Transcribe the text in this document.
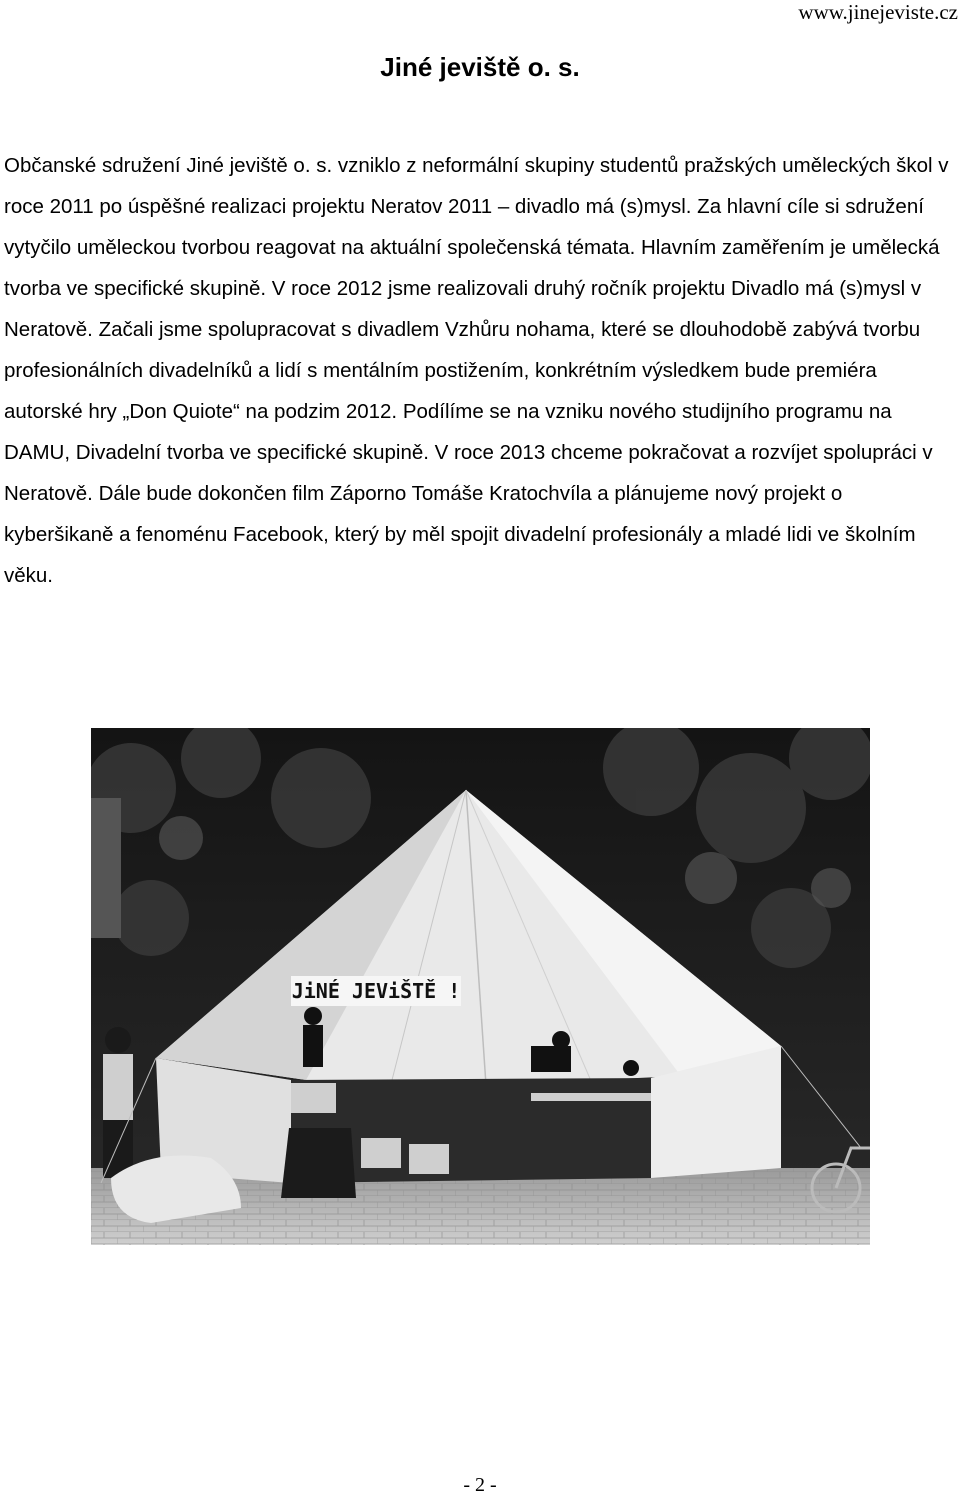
www.jinejeviste.cz
Jiné jeviště o. s.

Občanské sdružení Jiné jeviště o. s. vzniklo z neformální skupiny studentů pražských uměleckých škol v roce 2011 po úspěšné realizaci projektu Neratov 2011 – divadlo má (s)mysl. Za hlavní cíle si sdružení vytyčilo uměleckou tvorbou reagovat na aktuální společenská témata. Hlavním zaměřením je umělecká tvorba ve specifické skupině. V roce 2012 jsme realizovali druhý ročník projektu Divadlo má (s)mysl v Neratově. Začali jsme spolupracovat s divadlem Vzhůru nohama, které se dlouhodobě zabývá tvorbu profesionálních divadelníků a lidí s mentálním postižením, konkrétním výsledkem bude premiéra autorské hry „Don Quiote“ na podzim 2012. Podílíme se na vzniku nového studijního programu na DAMU, Divadelní tvorba ve specifické skupině. V roce 2013 chceme pokračovat a rozvíjet spolupráci v Neratově. Dále bude dokončen film Záporno Tomáše Kratochvíla a plánujeme nový projekt o kyberšikaně a fenoménu Facebook, který by měl spojit divadelní profesionály a mladé lidi ve školním věku.

JiNÉ JEViŠTĚ !
- 2 -
